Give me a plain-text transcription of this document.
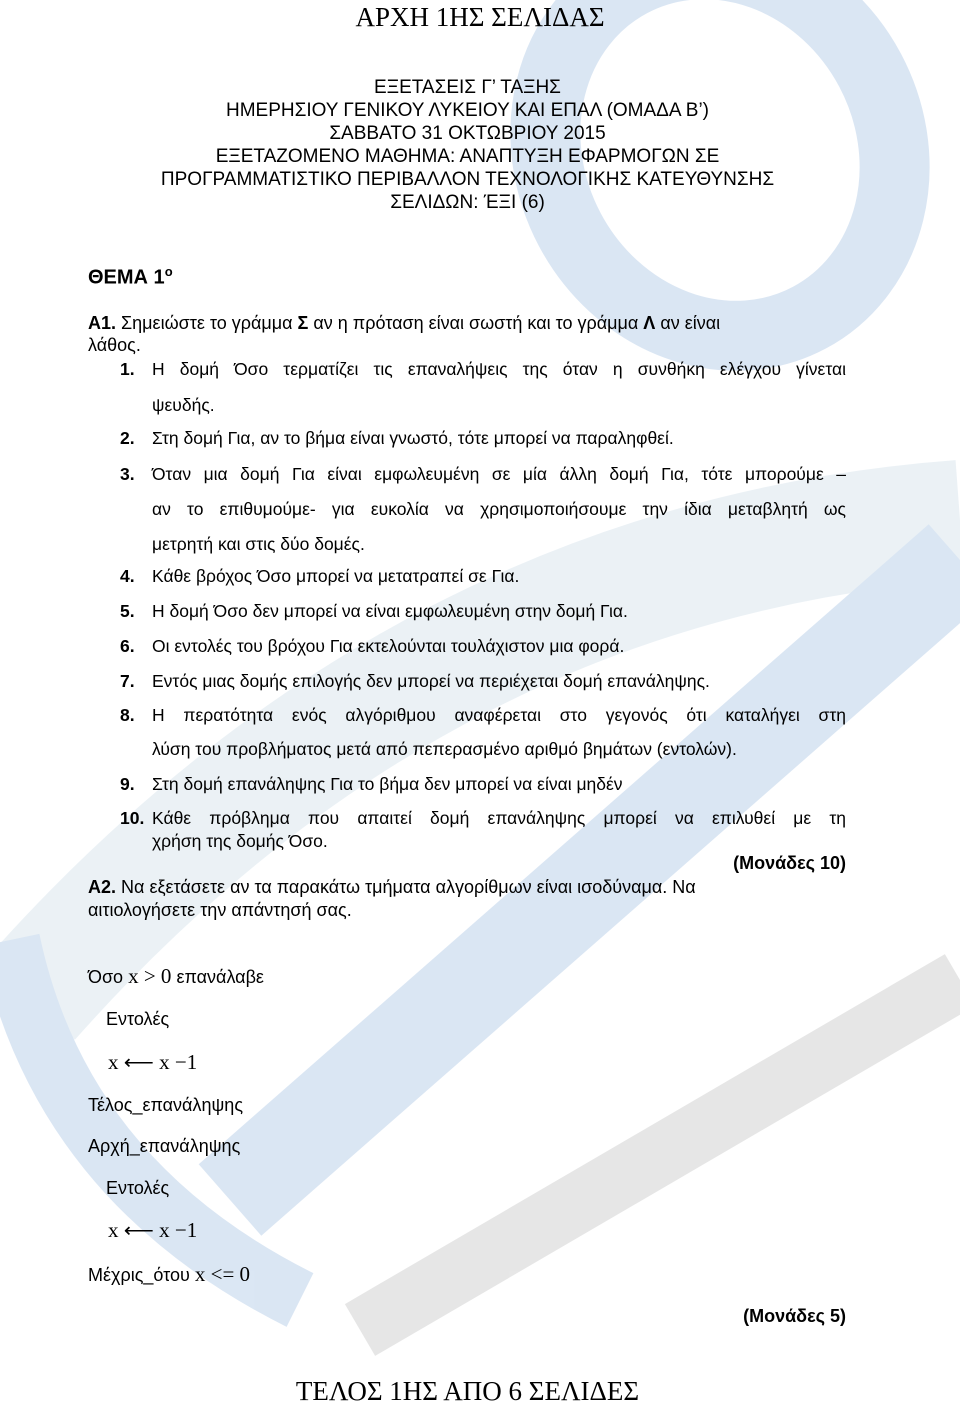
ΑΡΧΗ 1ΗΣ ΣΕΛΙΔΑΣ
ΕΞΕΤΑΣΕΙΣ Γ’ ΤΑΞΗΣ
ΗΜΕΡΗΣΙΟΥ ΓΕΝΙΚΟΥ ΛΥΚΕΙΟΥ ΚΑΙ ΕΠΑΛ (ΟΜΑΔΑ Β’)
ΣΑΒΒΑΤΟ 31 ΟΚΤΩΒΡΙΟΥ 2015
ΕΞΕΤΑΖΟΜΕΝΟ ΜΑΘΗΜΑ: ΑΝΑΠΤΥΞΗ ΕΦΑΡΜΟΓΩΝ ΣΕ
ΠΡΟΓΡΑΜΜΑΤΙΣΤΙΚΟ ΠΕΡΙΒΑΛΛΟΝ ΤΕΧΝΟΛΟΓΙΚΗΣ ΚΑΤΕΥΘΥΝΣΗΣ
ΣΕΛΙΔΩΝ: ΈΞΙ (6)
ΘΕΜΑ $1^o$
Α1. Σημειώστε το γράμμα Σ αν η πρόταση είναι σωστή και το γράμμα Λ αν είναι
λάθος.
1. Η δομή Όσο τερματίζει τις επαναλήψεις της όταν η συνθήκη ελέγχου γίνεται
ψευδής.
2. Στη δομή Για, αν το βήμα είναι γνωστό, τότε μπορεί να παραληφθεί.
3. Όταν μια δομή Για είναι εμφωλευμένη σε μία άλλη δομή Για, τότε μπορούμε –
αν το επιθυμούμε- για ευκολία να χρησιμοποιήσουμε την ίδια μεταβλητή ως
μετρητή και στις δύο δομές.
4. Κάθε βρόχος Όσο μπορεί να μετατραπεί σε Για.
5. Η δομή Όσο δεν μπορεί να είναι εμφωλευμένη στην δομή Για.
6. Οι εντολές του βρόχου Για εκτελούνται τουλάχιστον μια φορά.
7. Εντός μιας δομής επιλογής δεν μπορεί να περιέχεται δομή επανάληψης.
8. Η περατότητα ενός αλγόριθμου αναφέρεται στο γεγονός ότι καταλήγει στη
λύση του προβλήματος μετά από πεπερασμένο αριθμό βημάτων (εντολών).
9. Στη δομή επανάληψης Για το βήμα δεν μπορεί να είναι μηδέν
10. Κάθε πρόβλημα που απαιτεί δομή επανάληψης μπορεί να επιλυθεί με τη
χρήση της δομής Όσο.
(Μονάδες 10)
Α2. Να εξετάσετε αν τα παρακάτω τμήματα αλγορίθμων είναι ισοδύναμα. Να
αιτιολογήσετε την απάντησή σας.
Όσο x > 0 επανάλαβε
Εντολές
x ⟵ x −1
Τέλος_επανάληψης
Αρχή_επανάληψης
Εντολές
x ⟵ x −1
Μέχρις_ότου x <= 0
(Μονάδες 5)
ΤΕΛΟΣ 1ΗΣ ΑΠΟ 6 ΣΕΛΙΔΕΣ
